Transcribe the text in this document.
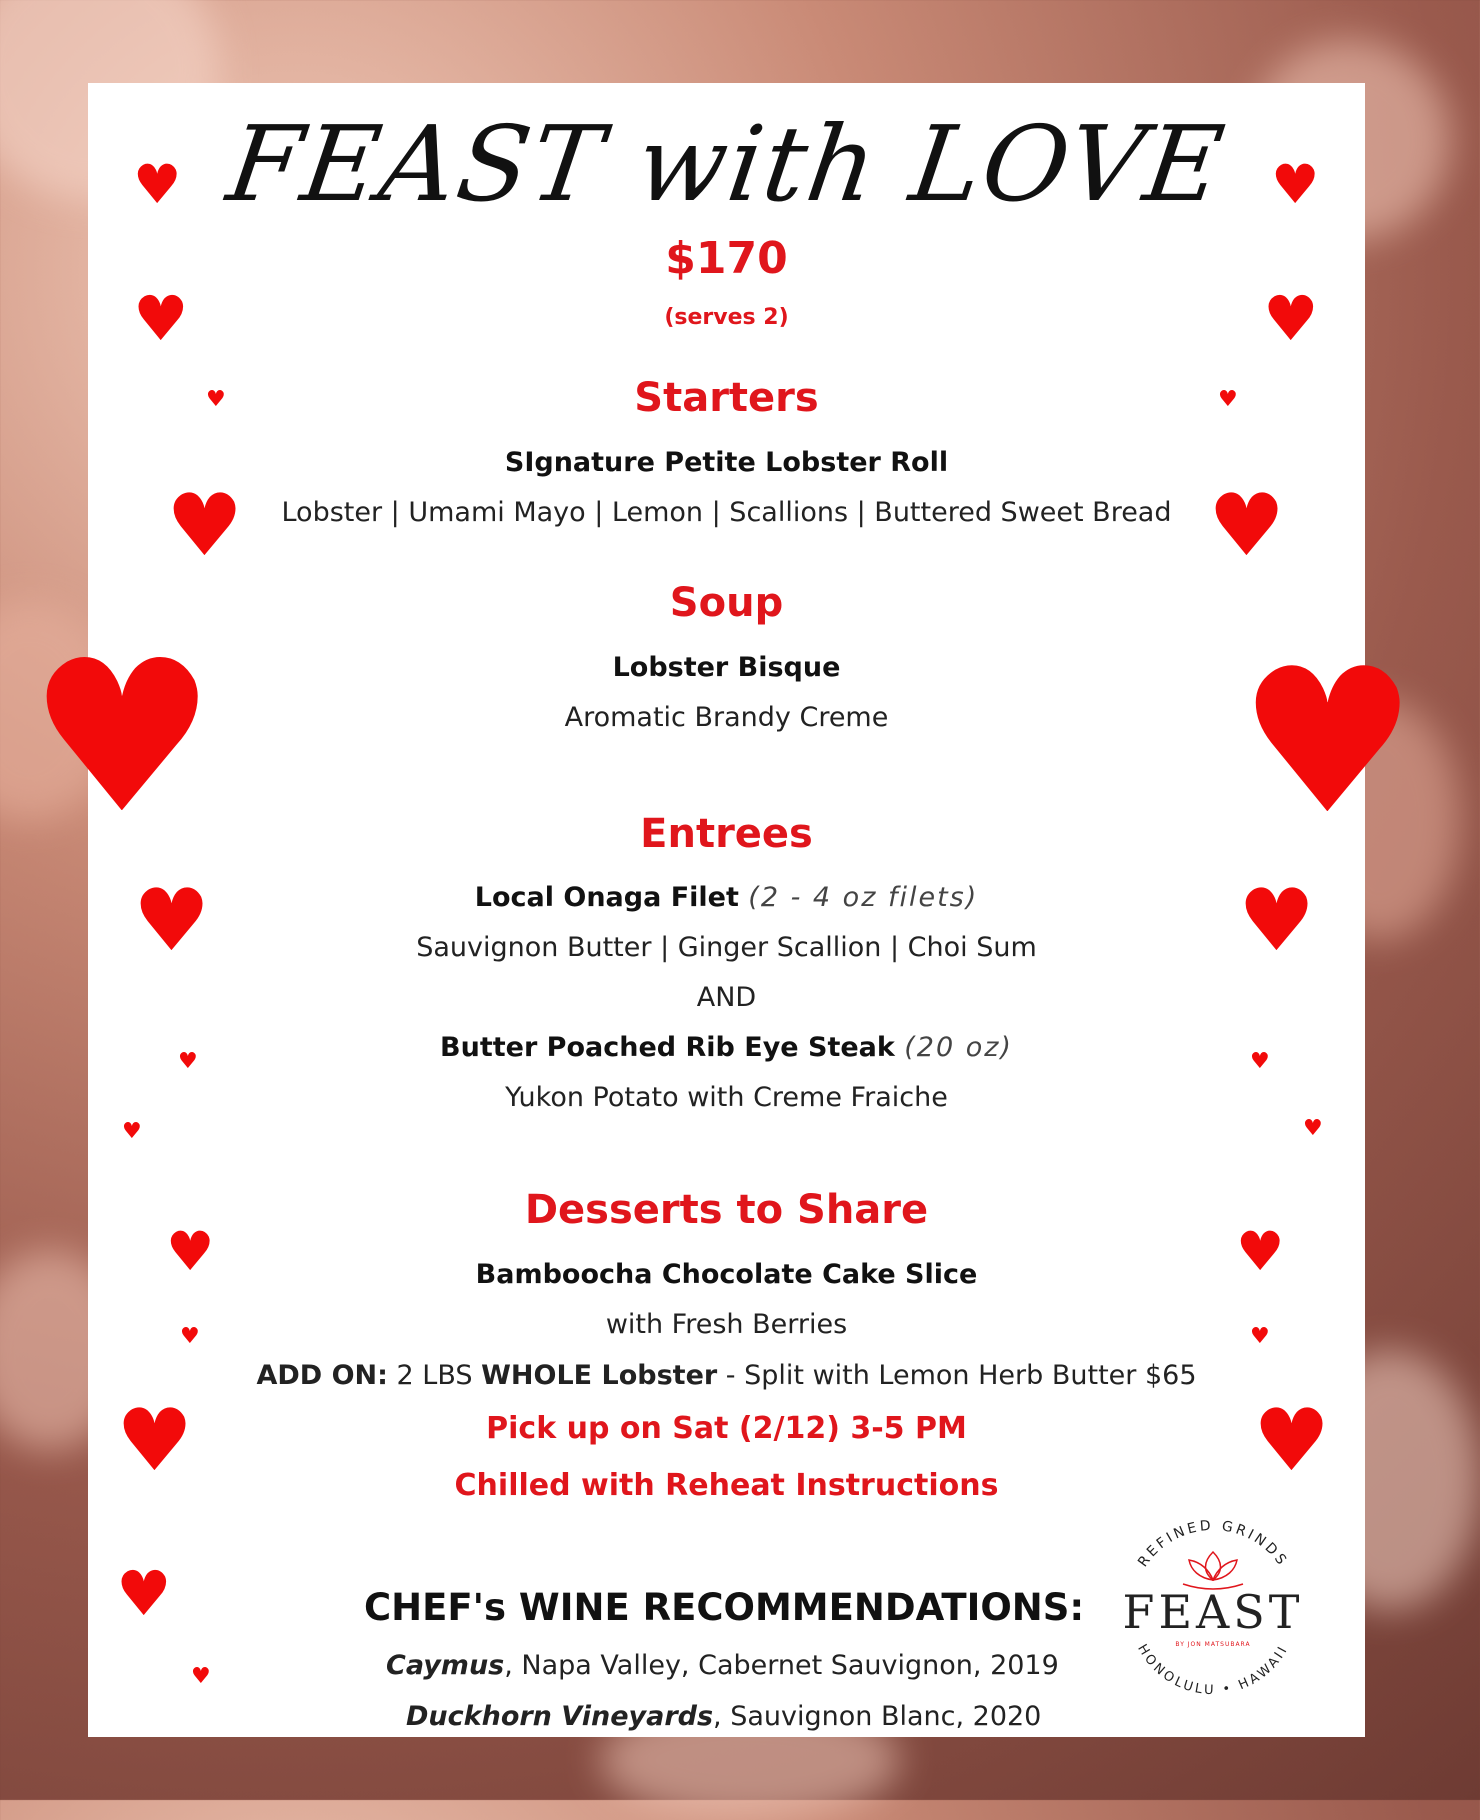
♥
♥
♥
♥
♥
♥
♥
♥
♥
♥
♥
♥
♥
♥
♥
♥
♥
♥
♥
♥
♥
♥
♥
♥
FEAST with LOVE
$170
(serves 2)
Starters
SIgnature Petite Lobster Roll
Lobster | Umami Mayo | Lemon | Scallions | Buttered Sweet Bread
Soup
Lobster Bisque
Aromatic Brandy Creme
Entrees
Local Onaga Filet (2 - 4 oz filets)
Sauvignon Butter | Ginger Scallion | Choi Sum
AND
Butter Poached Rib Eye Steak (20 oz)
Yukon Potato with Creme Fraiche
Desserts to Share
Bamboocha Chocolate Cake Slice
with Fresh Berries
ADD ON: 2 LBS WHOLE Lobster - Split with Lemon Herb Butter $65
Pick up on Sat (2/12) 3-5 PM
Chilled with Reheat Instructions
CHEF's WINE RECOMMENDATIONS:
Caymus, Napa Valley, Cabernet Sauvignon, 2019
Duckhorn Vineyards, Sauvignon Blanc, 2020
REFINED GRINDS
FEAST
BY JON MATSUBARA
HONOLULU • HAWAII
